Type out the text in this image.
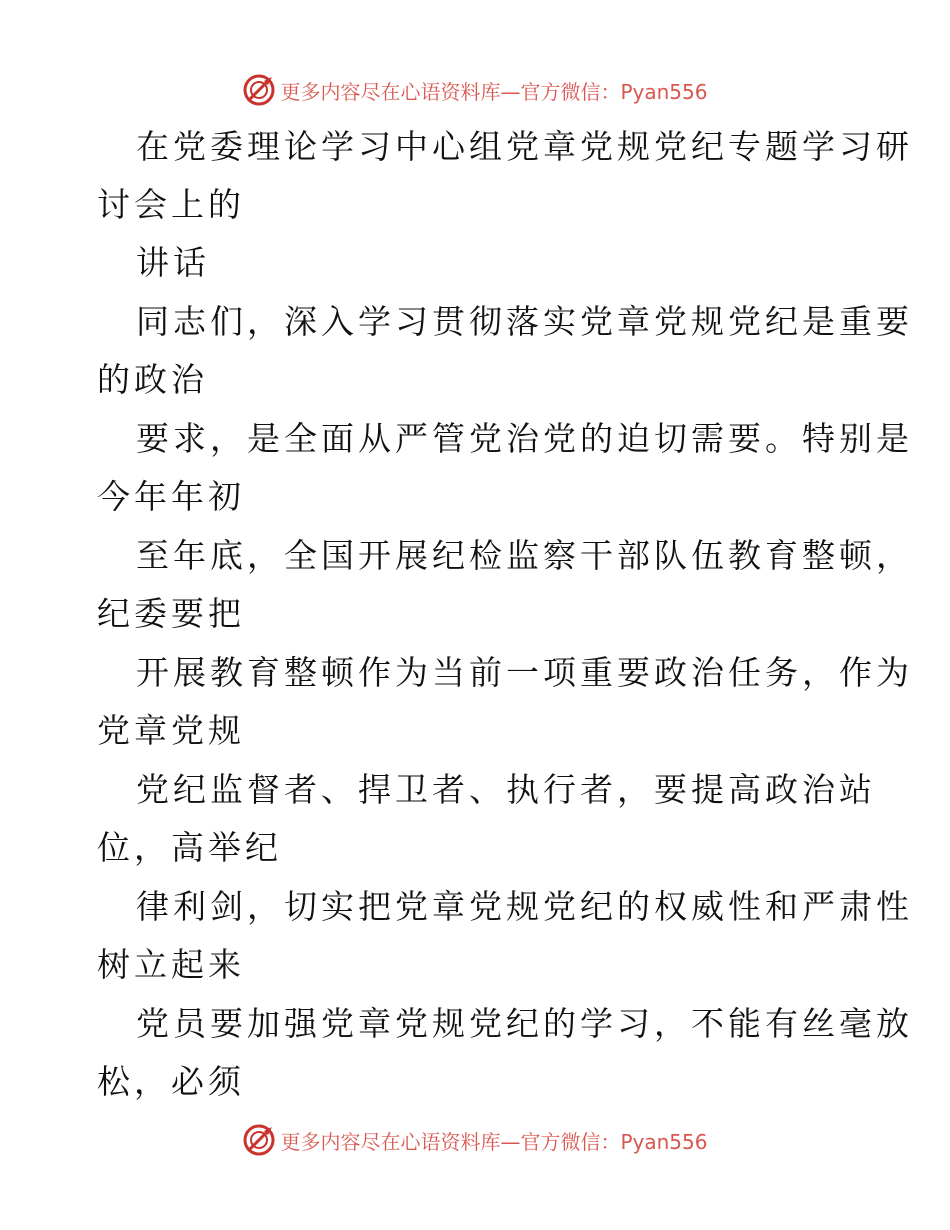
更多内容尽在心语资料库—官方微信：Pyan556
在党委理论学习中心组党章党规党纪专题学习研
讨会上的
讲话
同志们，深入学习贯彻落实党章党规党纪是重要
的政治
要求，是全面从严管党治党的迫切需要。特别是
今年年初
至年底，全国开展纪检监察干部队伍教育整顿，
纪委要把
开展教育整顿作为当前一项重要政治任务，作为
党章党规
党纪监督者、捍卫者、执行者，要提高政治站
位，高举纪
律利剑，切实把党章党规党纪的权威性和严肃性
树立起来
党员要加强党章党规党纪的学习，不能有丝毫放
松，必须
更多内容尽在心语资料库—官方微信：Pyan556
